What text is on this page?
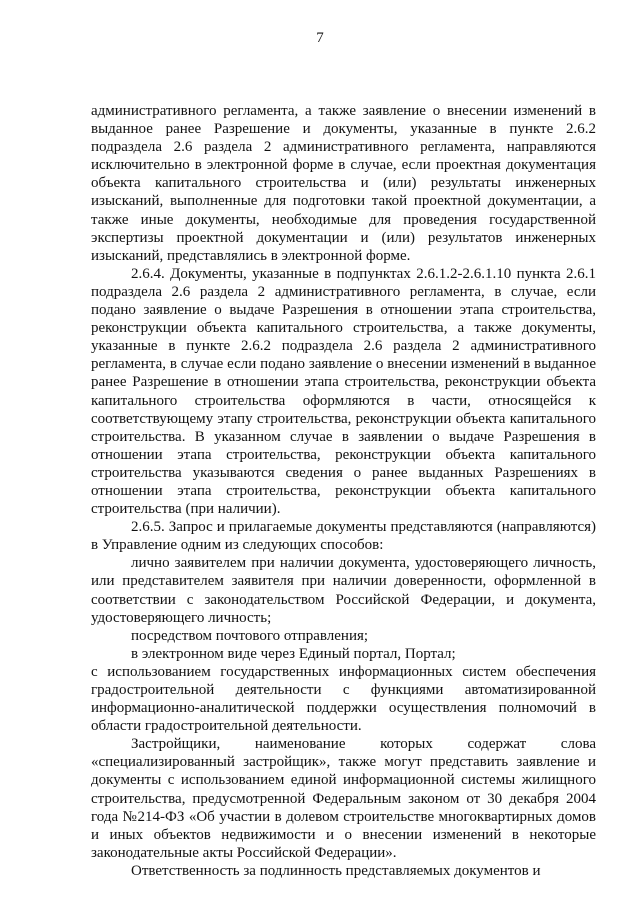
7

административного регламента, а также заявление о внесении изменений в выданное ранее Разрешение и документы, указанные в пункте 2.6.2 подраздела 2.6 раздела 2 административного регламента, направляются исключительно в электронной форме в случае, если проектная документация объекта капитального строительства и (или) результаты инженерных изысканий, выполненные для подготовки такой проектной документации, а также иные документы, необходимые для проведения государственной экспертизы проектной документации и (или) результатов инженерных изысканий, представлялись в электронной форме.

2.6.4. Документы, указанные в подпунктах 2.6.1.2-2.6.1.10 пункта 2.6.1 подраздела 2.6 раздела 2 административного регламента, в случае, если подано заявление о выдаче Разрешения в отношении этапа строительства, реконструкции объекта капитального строительства, а также документы, указанные в пункте 2.6.2 подраздела 2.6 раздела 2 административного регламента, в случае если подано заявление о внесении изменений в выданное ранее Разрешение в отношении этапа строительства, реконструкции объекта капитального строительства оформляются в части, относящейся к соответствующему этапу строительства, реконструкции объекта капитального строительства. В указанном случае в заявлении о выдаче Разрешения в отношении этапа строительства, реконструкции объекта капитального строительства указываются сведения о ранее выданных Разрешениях в отношении этапа строительства, реконструкции объекта капитального строительства (при наличии).

2.6.5. Запрос и прилагаемые документы представляются (направляются) в Управление одним из следующих способов:

лично заявителем при наличии документа, удостоверяющего личность, или представителем заявителя при наличии доверенности, оформленной в соответствии с законодательством Российской Федерации, и документа, удостоверяющего личность;

посредством почтового отправления;

в электронном виде через Единый портал, Портал;

с использованием государственных информационных систем обеспечения градостроительной деятельности с функциями автоматизированной информационно-аналитической поддержки осуществления полномочий в области градостроительной деятельности.

Застройщики, наименование которых содержат слова «специализированный застройщик», также могут представить заявление и документы с использованием единой информационной системы жилищного строительства, предусмотренной Федеральным законом от 30 декабря 2004 года №214-ФЗ «Об участии в долевом строительстве многоквартирных домов и иных объектов недвижимости и о внесении изменений в некоторые законодательные акты Российской Федерации».

Ответственность за подлинность представляемых документов и
